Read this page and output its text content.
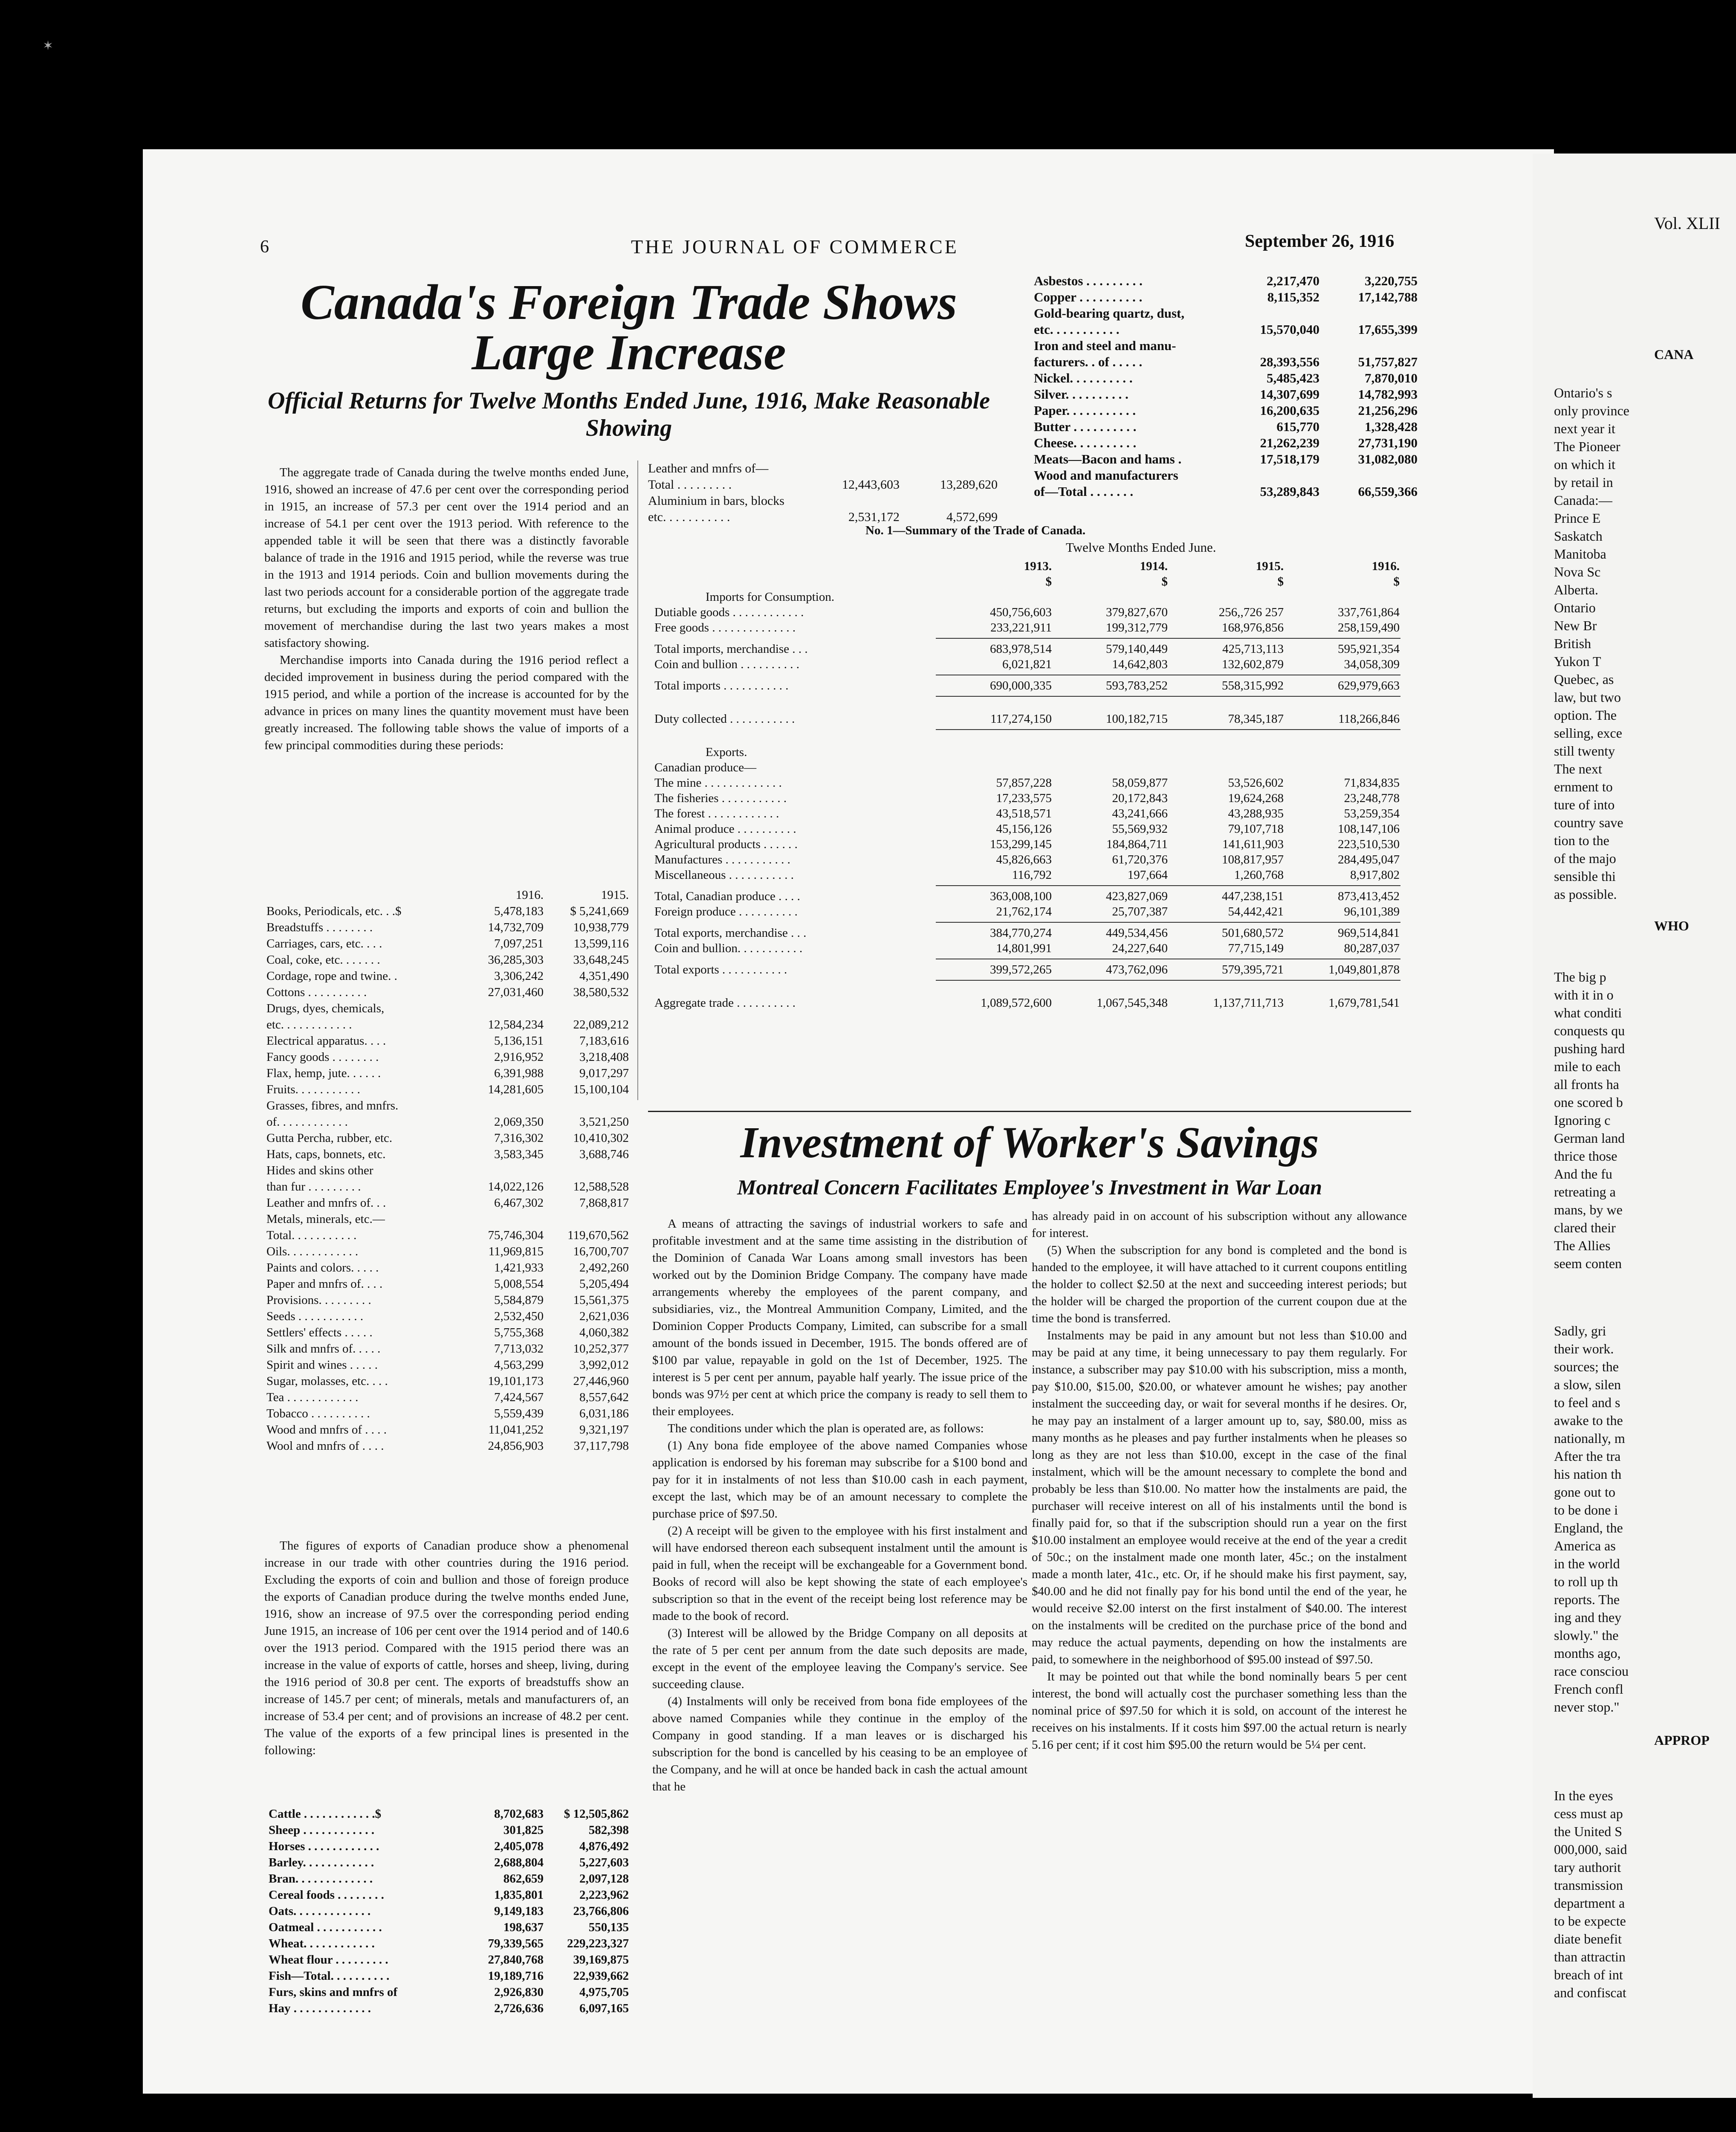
✶
6	THE JOURNAL OF COMMERCE	September 26, 1916
Canada's Foreign Trade Shows Large Increase
Official Returns for Twelve Months Ended June, 1916, Make Reasonable Showing

The aggregate trade of Canada during the twelve months ended June, 1916, showed an increase of 47.6 per cent over the corresponding period in 1915, an increase of 57.3 per cent over the 1914 period and an increase of 54.1 per cent over the 1913 period. With reference to the appended table it will be seen that there was a distinctly favorable balance of trade in the 1916 and 1915 period, while the reverse was true in the 1913 and 1914 periods. Coin and bullion movements during the last two periods account for a considerable portion of the aggregate trade returns, but excluding the imports and exports of coin and bullion the movement of merchandise during the last two years makes a most satisfactory showing.

Merchandise imports into Canada during the 1916 period reflect a decided improvement in business during the period compared with the 1915 period, and while a portion of the increase is accounted for by the advance in prices on many lines the quantity movement must have been greatly increased. The following table shows the value of imports of a few principal commodities during these periods:

1916.	1915.
Books, Periodicals, etc. . .$	5,478,183	$ 5,241,669
Breadstuffs . . . . . . . .	14,732,709	10,938,779
Carriages, cars, etc. . . .	7,097,251	13,599,116
Coal, coke, etc. . . . . . .	36,285,303	33,648,245
Cordage, rope and twine. .	3,306,242	4,351,490
Cottons . . . . . . . . . .	27,031,460	38,580,532
Drugs, dyes, chemicals,
etc. . . . . . . . . . . .	12,584,234	22,089,212
Electrical apparatus. . . .	5,136,151	7,183,616
Fancy goods . . . . . . . .	2,916,952	3,218,408
Flax, hemp, jute. . . . . .	6,391,988	9,017,297
Fruits. . . . . . . . . . .	14,281,605	15,100,104
Grasses, fibres, and mnfrs.
of. . . . . . . . . . . .	2,069,350	3,521,250
Gutta Percha, rubber, etc.	7,316,302	10,410,302
Hats, caps, bonnets, etc.	3,583,345	3,688,746
Hides and skins other
than fur . . . . . . . . .	14,022,126	12,588,528
Leather and mnfrs of. . .	6,467,302	7,868,817
Metals, minerals, etc.—
Total. . . . . . . . . . .	75,746,304	119,670,562
Oils. . . . . . . . . . . .	11,969,815	16,700,707
Paints and colors. . . . .	1,421,933	2,492,260
Paper and mnfrs of. . . .	5,008,554	5,205,494
Provisions. . . . . . . . .	5,584,879	15,561,375
Seeds . . . . . . . . . . .	2,532,450	2,621,036
Settlers' effects . . . . .	5,755,368	4,060,382
Silk and mnfrs of. . . . .	7,713,032	10,252,377
Spirit and wines . . . . .	4,563,299	3,992,012
Sugar, molasses, etc. . . .	19,101,173	27,446,960
Tea . . . . . . . . . . . .	7,424,567	8,557,642
Tobacco . . . . . . . . . .	5,559,439	6,031,186
Wood and mnfrs of . . . .	11,041,252	9,321,197
Wool and mnfrs of . . . .	24,856,903	37,117,798

The figures of exports of Canadian produce show a phenomenal increase in our trade with other countries during the 1916 period. Excluding the exports of coin and bullion and those of foreign produce the exports of Canadian produce during the twelve months ended June, 1916, show an increase of 97.5 over the corresponding period ending June 1915, an increase of 106 per cent over the 1914 period and of 140.6 over the 1913 period. Compared with the 1915 period there was an increase in the value of exports of cattle, horses and sheep, living, during the 1916 period of 30.8 per cent. The exports of breadstuffs show an increase of 145.7 per cent; of minerals, metals and manufacturers of, an increase of 53.4 per cent; and of provisions an increase of 48.2 per cent. The value of the exports of a few principal lines is presented in the following:

Cattle . . . . . . . . . . . .$	8,702,683	$ 12,505,862
Sheep . . . . . . . . . . . .	301,825	582,398
Horses . . . . . . . . . . . .	2,405,078	4,876,492
Barley. . . . . . . . . . . .	2,688,804	5,227,603
Bran. . . . . . . . . . . . .	862,659	2,097,128
Cereal foods . . . . . . . .	1,835,801	2,223,962
Oats. . . . . . . . . . . . .	9,149,183	23,766,806
Oatmeal . . . . . . . . . . .	198,637	550,135
Wheat. . . . . . . . . . . .	79,339,565	229,223,327
Wheat flour . . . . . . . . .	27,840,768	39,169,875
Fish—Total. . . . . . . . . .	19,189,716	22,939,662
Furs, skins and mnfrs of	2,926,830	4,975,705
Hay . . . . . . . . . . . . .	2,726,636	6,097,165
Leather and mnfrs of—
Total . . . . . . . . .	12,443,603	13,289,620
Aluminium in bars, blocks
etc. . . . . . . . . . .	2,531,172	4,572,699
Asbestos . . . . . . . . .	2,217,470	3,220,755
Copper . . . . . . . . . .	8,115,352	17,142,788
Gold-bearing quartz, dust,
etc. . . . . . . . . . .	15,570,040	17,655,399
Iron and steel and manu-
facturers. . of . . . . .	28,393,556	51,757,827
Nickel. . . . . . . . . .	5,485,423	7,870,010
Silver. . . . . . . . . .	14,307,699	14,782,993
Paper. . . . . . . . . . .	16,200,635	21,256,296
Butter . . . . . . . . . .	615,770	1,328,428
Cheese. . . . . . . . . .	21,262,239	27,731,190
Meats—Bacon and hams .	17,518,179	31,082,080
Wood and manufacturers
of—Total . . . . . . .	53,289,843	66,559,366
No. 1—Summary of the Trade of Canada.
Twelve Months Ended June.
1913.	1914.	1915.	1916.
$	$	$	$
Imports for Consumption.
Dutiable goods . . . . . . . . . . . .	450,756,603	379,827,670	256,,726 257	337,761,864
Free goods . . . . . . . . . . . . . .	233,221,911	199,312,779	168,976,856	258,159,490
Total imports, merchandise . . .	683,978,514	579,140,449	425,713,113	595,921,354
Coin and bullion . . . . . . . . . .	6,021,821	14,642,803	132,602,879	34,058,309
Total imports . . . . . . . . . . .	690,000,335	593,783,252	558,315,992	629,979,663
Duty collected . . . . . . . . . . .	117,274,150	100,182,715	78,345,187	118,266,846
Exports.
Canadian produce—
The mine . . . . . . . . . . . . .	57,857,228	58,059,877	53,526,602	71,834,835
The fisheries . . . . . . . . . . .	17,233,575	20,172,843	19,624,268	23,248,778
The forest . . . . . . . . . . . .	43,518,571	43,241,666	43,288,935	53,259,354
Animal produce . . . . . . . . . .	45,156,126	55,569,932	79,107,718	108,147,106
Agricultural products . . . . . .	153,299,145	184,864,711	141,611,903	223,510,530
Manufactures . . . . . . . . . . .	45,826,663	61,720,376	108,817,957	284,495,047
Miscellaneous . . . . . . . . . . .	116,792	197,664	1,260,768	8,917,802
Total, Canadian produce . . . .	363,008,100	423,827,069	447,238,151	873,413,452
Foreign produce . . . . . . . . . .	21,762,174	25,707,387	54,442,421	96,101,389
Total exports, merchandise . . .	384,770,274	449,534,456	501,680,572	969,514,841
Coin and bullion. . . . . . . . . . .	14,801,991	24,227,640	77,715,149	80,287,037
Total exports . . . . . . . . . . .	399,572,265	473,762,096	579,395,721	1,049,801,878
Aggregate trade . . . . . . . . . .	1,089,572,600	1,067,545,348	1,137,711,713	1,679,781,541
Investment of Worker's Savings
Montreal Concern Facilitates Employee's Investment in War Loan

A means of attracting the savings of industrial workers to safe and profitable investment and at the same time assisting in the distribution of the Dominion of Canada War Loans among small investors has been worked out by the Dominion Bridge Company. The company have made arrangements whereby the employees of the parent company, and subsidiaries, viz., the Montreal Ammunition Company, Limited, and the Dominion Copper Products Company, Limited, can subscribe for a small amount of the bonds issued in December, 1915. The bonds offered are of $100 par value, repayable in gold on the 1st of December, 1925. The interest is 5 per cent per annum, payable half yearly. The issue price of the bonds was 97½ per cent at which price the company is ready to sell them to their employees.

The conditions under which the plan is operated are, as follows:

(1) Any bona fide employee of the above named Companies whose application is endorsed by his foreman may subscribe for a $100 bond and pay for it in instalments of not less than $10.00 cash in each payment, except the last, which may be of an amount necessary to complete the purchase price of $97.50.

(2) A receipt will be given to the employee with his first instalment and will have endorsed thereon each subsequent instalment until the amount is paid in full, when the receipt will be exchangeable for a Government bond. Books of record will also be kept showing the state of each employee's subscription so that in the event of the receipt being lost reference may be made to the book of record.

(3) Interest will be allowed by the Bridge Company on all deposits at the rate of 5 per cent per annum from the date such deposits are made, except in the event of the employee leaving the Company's service. See succeeding clause.

(4) Instalments will only be received from bona fide employees of the above named Companies while they continue in the employ of the Company in good standing. If a man leaves or is discharged his subscription for the bond is cancelled by his ceasing to be an employee of the Company, and he will at once be handed back in cash the actual amount that he

has already paid in on account of his subscription without any allowance for interest.

(5) When the subscription for any bond is completed and the bond is handed to the employee, it will have attached to it current coupons entitling the holder to collect $2.50 at the next and succeeding interest periods; but the holder will be charged the proportion of the current coupon due at the time the bond is transferred.

Instalments may be paid in any amount but not less than $10.00 and may be paid at any time, it being unnecessary to pay them regularly. For instance, a subscriber may pay $10.00 with his subscription, miss a month, pay $10.00, $15.00, $20.00, or whatever amount he wishes; pay another instalment the succeeding day, or wait for several months if he desires. Or, he may pay an instalment of a larger amount up to, say, $80.00, miss as many months as he pleases and pay further instalments when he pleases so long as they are not less than $10.00, except in the case of the final instalment, which will be the amount necessary to complete the bond and probably be less than $10.00. No matter how the instalments are paid, the purchaser will receive interest on all of his instalments until the bond is finally paid for, so that if the subscription should run a year on the first $10.00 instalment an employee would receive at the end of the year a credit of 50c.; on the instalment made one month later, 45c.; on the instalment made a month later, 41c., etc. Or, if he should make his first payment, say, $40.00 and he did not finally pay for his bond until the end of the year, he would receive $2.00 interst on the first instalment of $40.00. The interest on the instalments will be credited on the purchase price of the bond and may reduce the actual payments, depending on how the instalments are paid, to somewhere in the neighborhood of $95.00 instead of $97.50.

It may be pointed out that while the bond nominally bears 5 per cent interest, the bond will actually cost the purchaser something less than the nominal price of $97.50 for which it is sold, on account of the interest he receives on his instalments. If it costs him $97.00 the actual return is nearly 5.16 per cent; if it cost him $95.00 the return would be 5¼ per cent.

Vol. XLII
CANA
Ontario's s
only province
next year it
The Pioneer
on which it
by retail in
Canada:—
Prince E
Saskatch
Manitoba
Nova Sc
Alberta.
Ontario
New Br
British
Yukon T
Quebec, as
law, but two
option. The
selling, exce
still twenty
The next
ernment to
ture of into
country save
tion to the
of the majo
sensible thi
as possible.
WHO
The big p
with it in o
what conditi
conquests qu
pushing hard
mile to each
all fronts ha
one scored b
Ignoring c
German land
thrice those
And the fu
retreating a
mans, by we
clared their
The Allies
seem conten
Sadly, gri
their work.
sources; the
a slow, silen
to feel and s
awake to the
nationally, m
After the tra
his nation th
gone out to
to be done i
England, the
America as
in the world
to roll up th
reports. The
ing and they
slowly." the
months ago,
race consciou
French confl
never stop."
APPROP
In the eyes
cess must ap
the United S
000,000, said
tary authorit
transmission
department a
to be expecte
diate benefit
than attractin
breach of int
and confiscat
